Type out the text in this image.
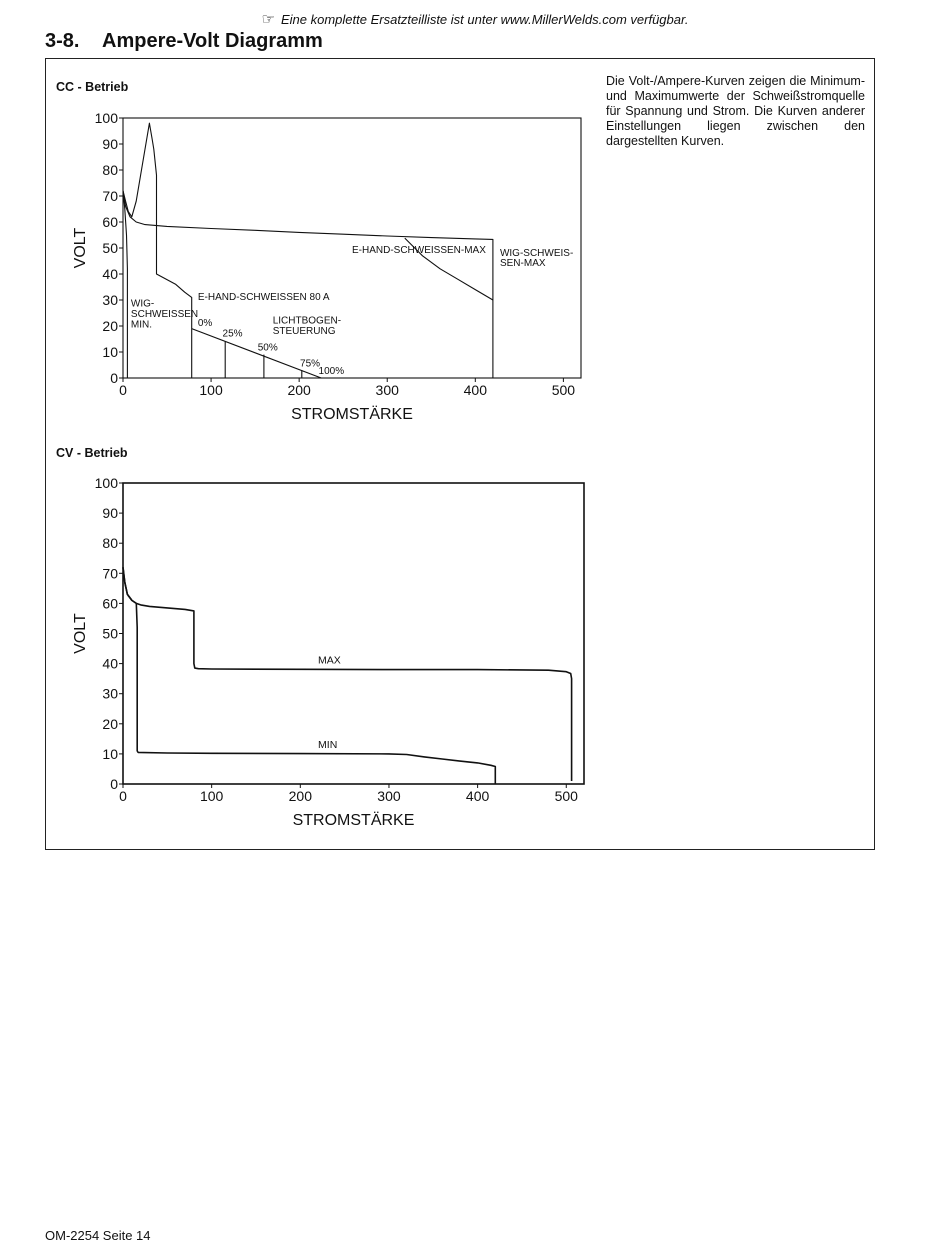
☞ Eine komplette Ersatzteilliste ist unter www.MillerWelds.com verfügbar.
3-8. Ampere-Volt Diagramm
Die Volt-/Ampere-Kurven zeigen die Minimum- und Maximumwerte der Schweißstromquelle für Spannung und Strom. Die Kurven anderer Einstellungen liegen zwischen den dargestellten Kurven.
CC - Betrieb
CV - Betrieb
0
10
20
30
40
50
60
70
80
90
100
0	100	200	300	400	500
STROMSTÄRKE
VOLT
WIG-
SCHWEISSEN
MIN.
E-HAND-SCHWEISSEN 80 A
0%
25%
50%
75%
100%
LICHTBOGEN-
STEUERUNG
E-HAND-SCHWEISSEN-MAX WIG-SCHWEIS-
SEN-MAX
0
10
20
30
40
50
60
70
80
90
100
0	100	200	300	400	500
STROMSTÄRKE
VOLT
MAX
MIN
OM-2254 Seite 14
